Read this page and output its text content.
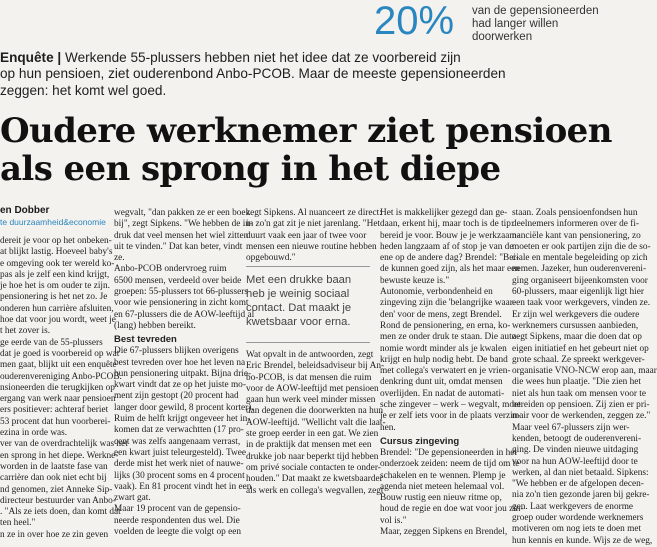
20% van de gepensioneerden
had langer willen
doorwerken
Enquête | Werkende 55-plussers hebben niet het idee dat ze voorbereid zijn
op hun pensioen, ziet ouderenbond Anbo-PCOB. Maar de meeste gepensioneerden
zeggen: het komt wel goed.
Oudere werknemer ziet pensioen
als een sprong in het diepe
en Dobber
te duurzaamheid&economie
dereit je voor op het onbeken-
at blijkt lastig. Hoeveel baby's
e omgeving ook ter wereld ko-
pas als je zelf een kind krijgt,
je hoe het is om ouder te zijn.
pensionering is het net zo. Je
onderen hun carrière afsluiten,
hoe dat voor jou wordt, weet je
t het zover is.
ge eerde van de 55-plussers
dat je goed is voorbereid op wat
men gaat, blijkt uit een enquête
ouderenvereniging Anbo-PCOB.
nsioneerden die terugkijken op
ergang van werk naar pensioen
ers positiever: achteraf beriet
53 procent dat hun voorberei-
ezina in orde was.
ver van de overdrachtelijk was het
en sprong in het diepe. Werkne-
worden in de laatste fase van
carrière dan ook niet echt bij
nd genomen, ziet Anneke Sip-
directeur bestuurder van Anbo-
. "Als ze iets doen, dan komt dat
ten heel."
n ze in over hoe ze zin geven
wegvalt, "dan pakken ze er een boek
bij", zegt Sipkens. "We hebben de in-
druk dat veel mensen het wiel zitten
uit te vinden." Dat kan beter, vindt
ze.
Anbo-PCOB ondervroeg ruim
6500 mensen, verdeeld over beide
groepen: 55-plussers tot 66-plussers
voor wie pensionering in zicht komt
en 67-plussers die de AOW-leeftijd al
(lang) hebben bereikt.
Best tevreden
Die 67-plussers blijken overigens
best tevreden over hoe het leven na
hun pensionering uitpakt. Bijna drie-
kwart vindt dat ze op het juiste mo-
ment zijn gestopt (20 procent had
langer door gewild, 8 procent korter).
Ruim de helft krijgt ongeveer het in-
komen dat ze verwachtten (17 pro-
cent was zelfs aangenaam verrast,
een kwart juist teleurgesteld). Twee
derde mist het werk niet of nauwe-
lijks (30 procent soms en 4 procent
vaak). En 81 procent vindt het in een
zwart gat.
Maar 19 procent van de gepensio-
neerde respondenten dus wel. Die
voelden de leegte die volgt op een
zegt Sipkens. Al nuanceert ze direct:
in zo'n gat zit je niet jarenlang. "Het
duurt vaak een jaar of twee voor
mensen een nieuwe routine hebben
opgebouwd."
Met een drukke baan
heb je weinig sociaal
contact. Dat maakt je
kwetsbaar voor erna.
Wat opvalt in de antwoorden, zegt
Eric Brendel, beleidsadviseur bij An-
bo-PCOB, is dat mensen die ruim
voor de AOW-leeftijd met pensioen
gaan hun werk veel minder missen
dan degenen die doorwerkten na hun
AOW-leeftijd. "Wellicht valt die laat-
ste groep eerder in een gat. We zien
in de praktijk dat mensen met een
drukke job naar beperkt tijd hebben
om privé sociale contacten te onder-
houden." Dat maakt ze kwetsbaarder
als werk en collega's wegvallen, zegt
Het is makkelijker gezegd dan ge-
daan, erkent hij, maar toch is de tip:
bereid je voor. Bouw je je werkzaam-
heden langzaam af of stop je van de
ene op de andere dag? Brendel: "Bei-
de kunnen goed zijn, als het maar een
bewuste keuze is."
Autonomie, verbondenheid en
zingeving zijn die 'belangrijke waar-
den' voor de mens, zegt Brendel.
Rond de pensionering, en erna, ko-
men ze onder druk te staan. Die auto-
nomie wordt minder als je kwalen
krijgt en hulp nodig hebt. De band
met collega's verwatert en je vrien-
denkring dunt uit, omdat mensen
overlijden. En nadat de automati-
sche zingever – werk – wegvalt, moet
je er zelf iets voor in de plaats verzin-
nen.
Cursus zingeving
Brendel: "De gepensioneerden in het
onderzoek zeiden: neem de tijd om te
schakelen en te wennen. Plemp je
agenda niet meteen helemaal vol.
Bouw rustig een nieuw ritme op,
houd de regie en doe wat voor jou zin-
vol is."
Maar, zeggen Sipkens en Brendel,
staan. Zoals pensioenfondsen hun
deelnemers informeren over de fi-
nanciële kant van pensionering, zo
moeten er ook partijen zijn die de so-
ciale en mentale begeleiding op zich
nemen. Jazeker, hun ouderenvereni-
ging organiseert bijeenkomsten voor
60-plussers, maar eigenlijk ligt hier
een taak voor werkgevers, vinden ze.
Er zijn wel werkgevers die oudere
werknemers cursussen aanbieden,
zegt Sipkens, maar die doen dat op
eigen initiatief en het gebeurt niet op
grote schaal. Ze spreekt werkgever-
organisatie VNO-NCW erop aan, maar
die wees hun plaatje. "Die zien het
niet als hun taak om mensen voor te
bereiden op pensioen. Zij zien er pri-
mair voor de werkenden, zeggen ze."
Maar veel 67-plussers zijn wer-
kenden, betoogt de ouderenvereni-
ging. De vinden nieuwe uitdaging
voor na hun AOW-leeftijd door te
werken, al dan niet betaald. Sipkens:
"We hebben er de afgelopen decen-
nia zo'n tien gezonde jaren bij gekre-
gen. Laat werkgevers de enorme
groep ouder wordende werknemers
motiveren om nog iets te doen met
hun kennis en kunde. Wijs ze de weg,
